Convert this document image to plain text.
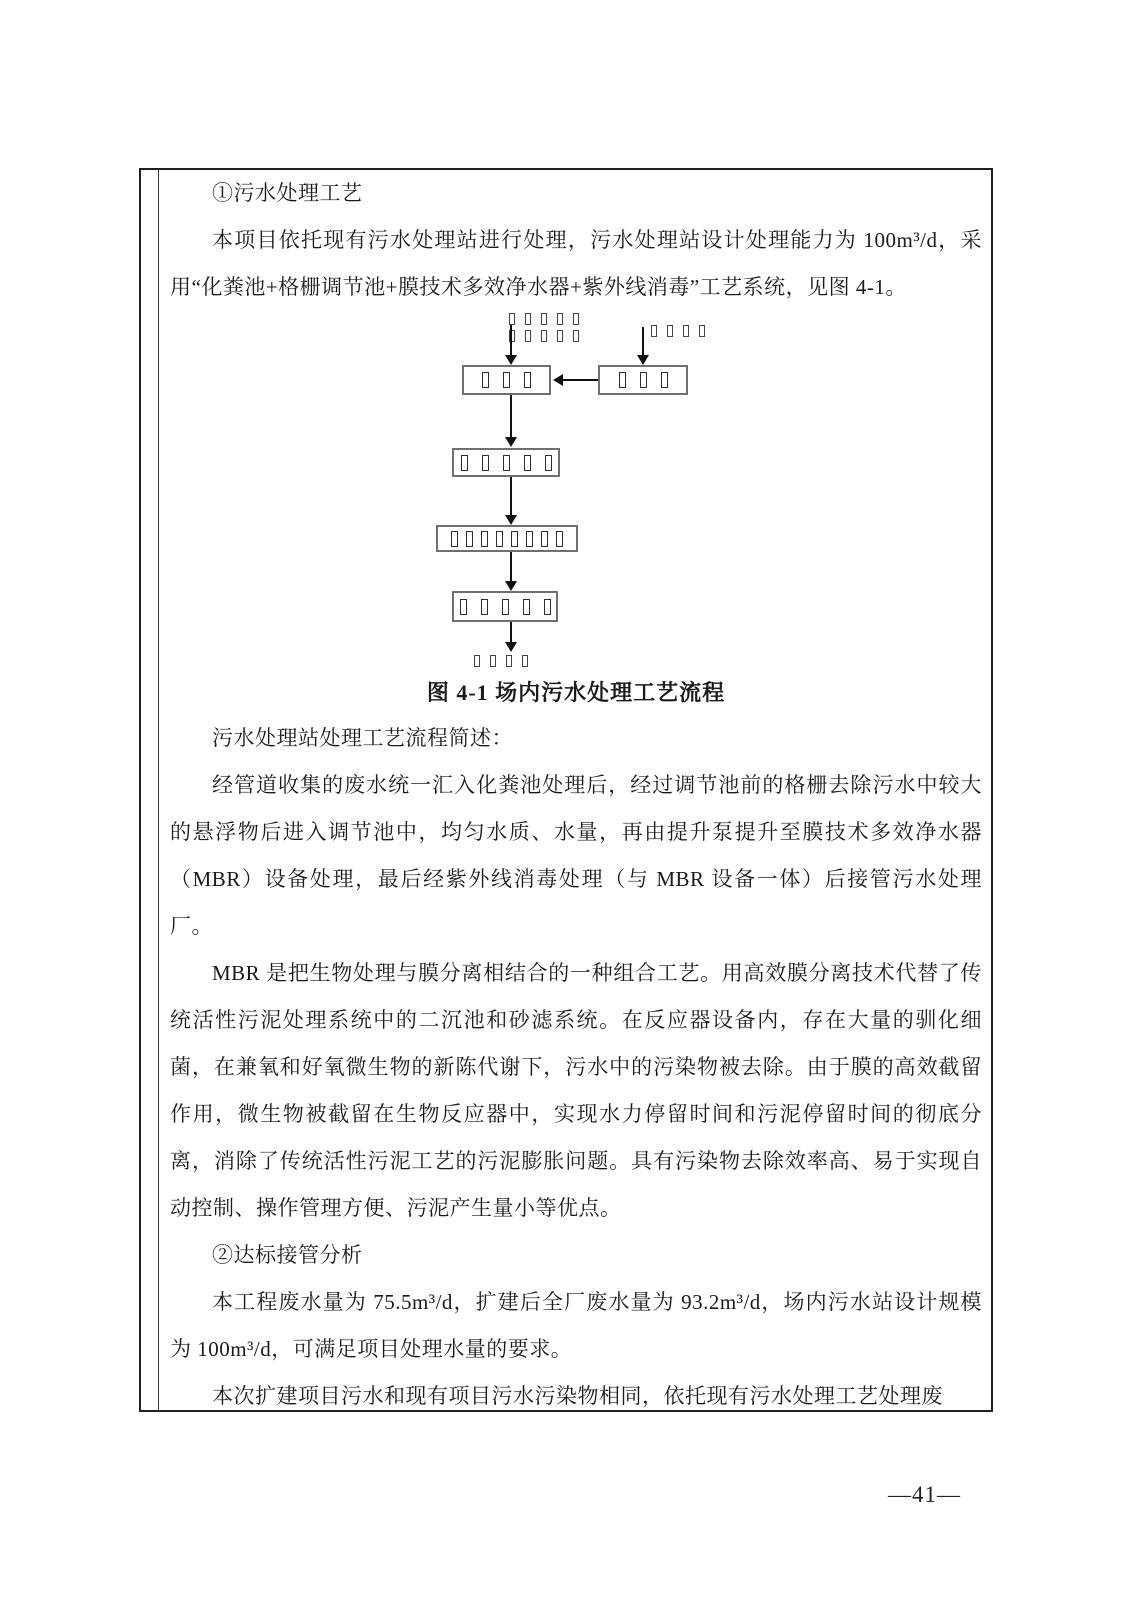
①污水处理工艺

本项目依托现有污水处理站进行处理，污水处理站设计处理能力为 100m³/d，采用“化粪池+格栅调节池+膜技术多效净水器+紫外线消毒”工艺系统，见图 4-1。

图 4-1 场内污水处理工艺流程

污水处理站处理工艺流程简述：

经管道收集的废水统一汇入化粪池处理后，经过调节池前的格栅去除污水中较大的悬浮物后进入调节池中，均匀水质、水量，再由提升泵提升至膜技术多效净水器（MBR）设备处理，最后经紫外线消毒处理（与 MBR 设备一体）后接管污水处理厂。

MBR 是把生物处理与膜分离相结合的一种组合工艺。用高效膜分离技术代替了传统活性污泥处理系统中的二沉池和砂滤系统。在反应器设备内，存在大量的驯化细菌，在兼氧和好氧微生物的新陈代谢下，污水中的污染物被去除。由于膜的高效截留作用，微生物被截留在生物反应器中，实现水力停留时间和污泥停留时间的彻底分离，消除了传统活性污泥工艺的污泥膨胀问题。具有污染物去除效率高、易于实现自动控制、操作管理方便、污泥产生量小等优点。

②达标接管分析

本工程废水量为 75.5m³/d，扩建后全厂废水量为 93.2m³/d，场内污水站设计规模为 100m³/d，可满足项目处理水量的要求。

本次扩建项目污水和现有项目污水污染物相同，依托现有污水处理工艺处理废

—41—
